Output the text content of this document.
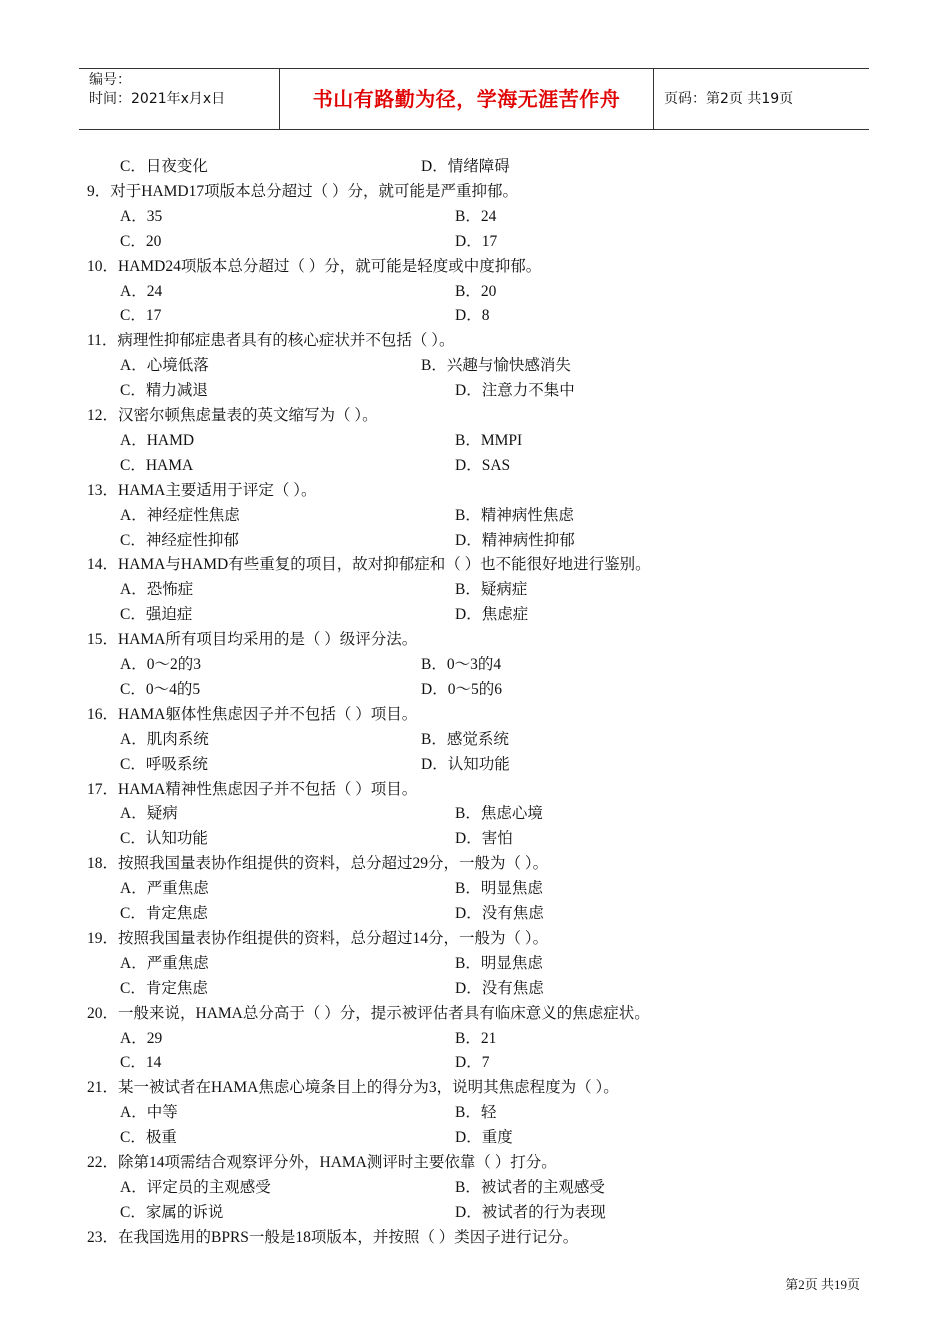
编号：
时间：2021年x月x日	书山有路勤为径，学海无涯苦作舟	页码：第2页 共19页
C．日夜变化	D．情绪障碍
9．对于HAMD17项版本总分超过（ ）分，就可能是严重抑郁。
A．35	B．24
C．20	D．17
10．HAMD24项版本总分超过（ ）分，就可能是轻度或中度抑郁。
A．24	B．20
C．17	D．8
11．病理性抑郁症患者具有的核心症状并不包括（ ）。
A．心境低落	B．兴趣与愉快感消失
C．精力减退	D．注意力不集中
12．汉密尔顿焦虑量表的英文缩写为（ ）。
A．HAMD	B．MMPI
C．HAMA	D．SAS
13．HAMA主要适用于评定（ ）。
A．神经症性焦虑	B．精神病性焦虑
C．神经症性抑郁	D．精神病性抑郁
14．HAMA与HAMD有些重复的项目，故对抑郁症和（ ）也不能很好地进行鉴别。
A．恐怖症	B．疑病症
C．强迫症	D．焦虑症
15．HAMA所有项目均采用的是（ ）级评分法。
A．0～2的3	B．0～3的4
C．0～4的5	D．0～5的6
16．HAMA躯体性焦虑因子并不包括（ ）项目。
A．肌肉系统	B．感觉系统
C．呼吸系统	D．认知功能
17．HAMA精神性焦虑因子并不包括（ ）项目。
A．疑病	B．焦虑心境
C．认知功能	D．害怕
18．按照我国量表协作组提供的资料，总分超过29分，一般为（ ）。
A．严重焦虑	B．明显焦虑
C．肯定焦虑	D．没有焦虑
19．按照我国量表协作组提供的资料，总分超过14分，一般为（ ）。
A．严重焦虑	B．明显焦虑
C．肯定焦虑	D．没有焦虑
20．一般来说，HAMA总分高于（ ）分，提示被评估者具有临床意义的焦虑症状。
A．29	B．21
C．14	D．7
21．某一被试者在HAMA焦虑心境条目上的得分为3，说明其焦虑程度为（ ）。
A．中等	B．轻
C．极重	D．重度
22．除第14项需结合观察评分外，HAMA测评时主要依靠（ ）打分。
A．评定员的主观感受	B．被试者的主观感受
C．家属的诉说	D．被试者的行为表现
23．在我国选用的BPRS一般是18项版本，并按照（ ）类因子进行记分。
第2页 共19页
